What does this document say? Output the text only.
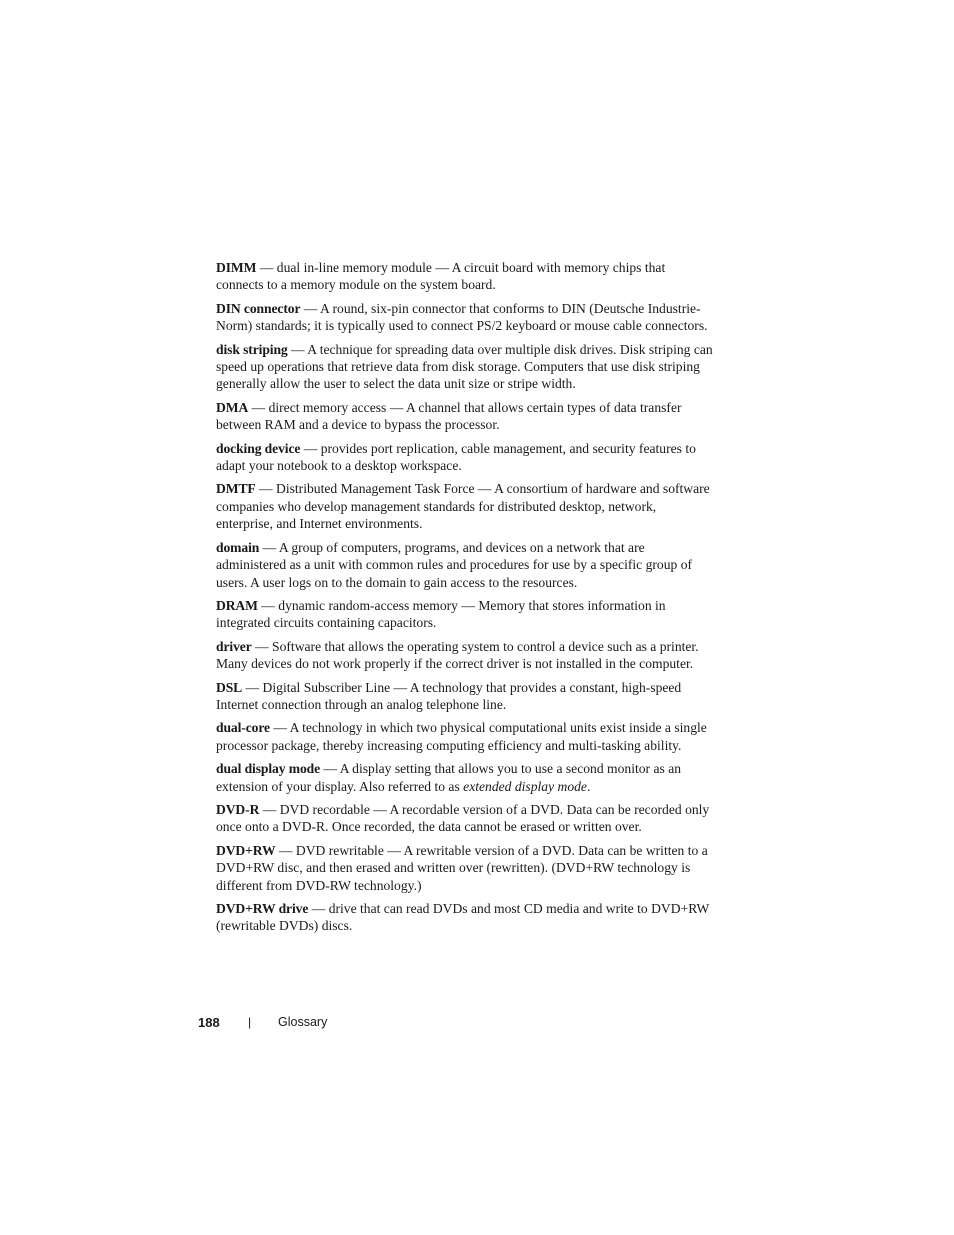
DIMM — dual in-line memory module — A circuit board with memory chips that connects to a memory module on the system board.

DIN connector — A round, six-pin connector that conforms to DIN (Deutsche Industrie-Norm) standards; it is typically used to connect PS/2 keyboard or mouse cable connectors.

disk striping — A technique for spreading data over multiple disk drives. Disk striping can speed up operations that retrieve data from disk storage. Computers that use disk striping generally allow the user to select the data unit size or stripe width.

DMA — direct memory access — A channel that allows certain types of data transfer between RAM and a device to bypass the processor.

docking device — provides port replication, cable management, and security features to adapt your notebook to a desktop workspace.

DMTF — Distributed Management Task Force — A consortium of hardware and software companies who develop management standards for distributed desktop, network, enterprise, and Internet environments.

domain — A group of computers, programs, and devices on a network that are administered as a unit with common rules and procedures for use by a specific group of users. A user logs on to the domain to gain access to the resources.

DRAM — dynamic random-access memory — Memory that stores information in integrated circuits containing capacitors.

driver — Software that allows the operating system to control a device such as a printer. Many devices do not work properly if the correct driver is not installed in the computer.

DSL — Digital Subscriber Line — A technology that provides a constant, high-speed Internet connection through an analog telephone line.

dual-core — A technology in which two physical computational units exist inside a single processor package, thereby increasing computing efficiency and multi-tasking ability.

dual display mode — A display setting that allows you to use a second monitor as an extension of your display. Also referred to as extended display mode.

DVD-R — DVD recordable — A recordable version of a DVD. Data can be recorded only once onto a DVD-R. Once recorded, the data cannot be erased or written over.

DVD+RW — DVD rewritable — A rewritable version of a DVD. Data can be written to a DVD+RW disc, and then erased and written over (rewritten). (DVD+RW technology is different from DVD-RW technology.)

DVD+RW drive — drive that can read DVDs and most CD media and write to DVD+RW (rewritable DVDs) discs.

188 | Glossary
